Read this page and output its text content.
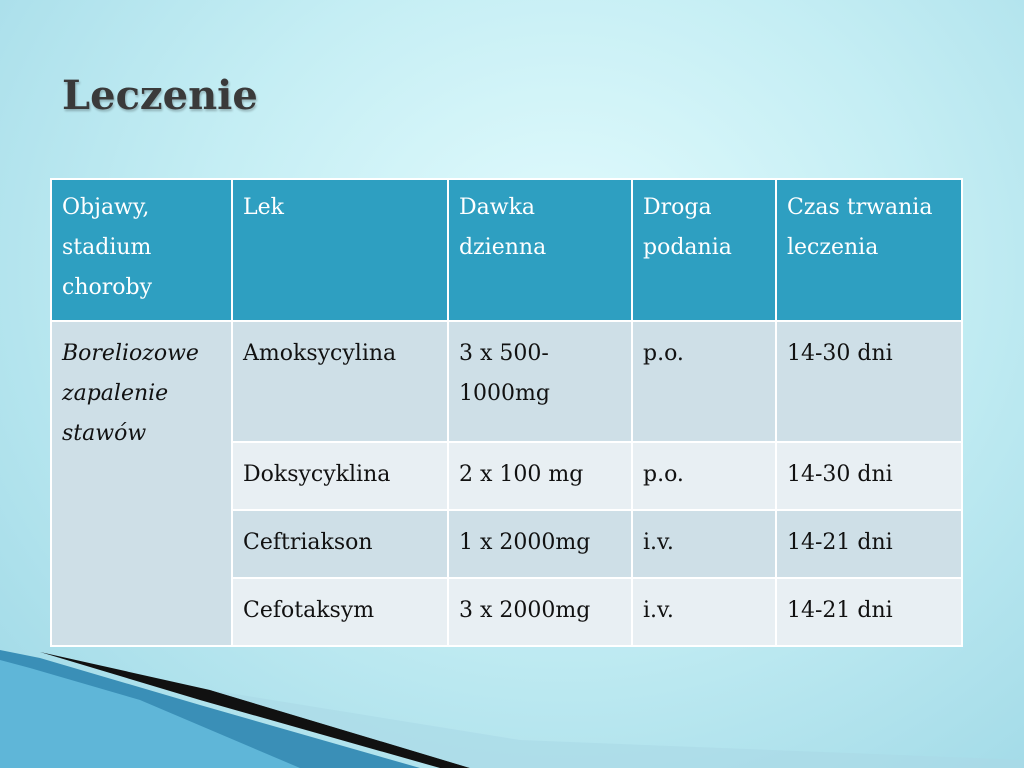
Leczenie
Objawy, stadium choroby	Lek	Dawka dzienna	Droga podania	Czas trwania leczenia
Boreliozowe zapalenie stawów	Amoksycylina	3 x 500-1000mg	p.o.	14-30 dni
	Doksycyklina	2 x 100 mg	p.o.	14-30 dni
	Ceftriakson	1 x 2000mg	i.v.	14-21 dni
	Cefotaksym	3 x 2000mg	i.v.	14-21 dni
